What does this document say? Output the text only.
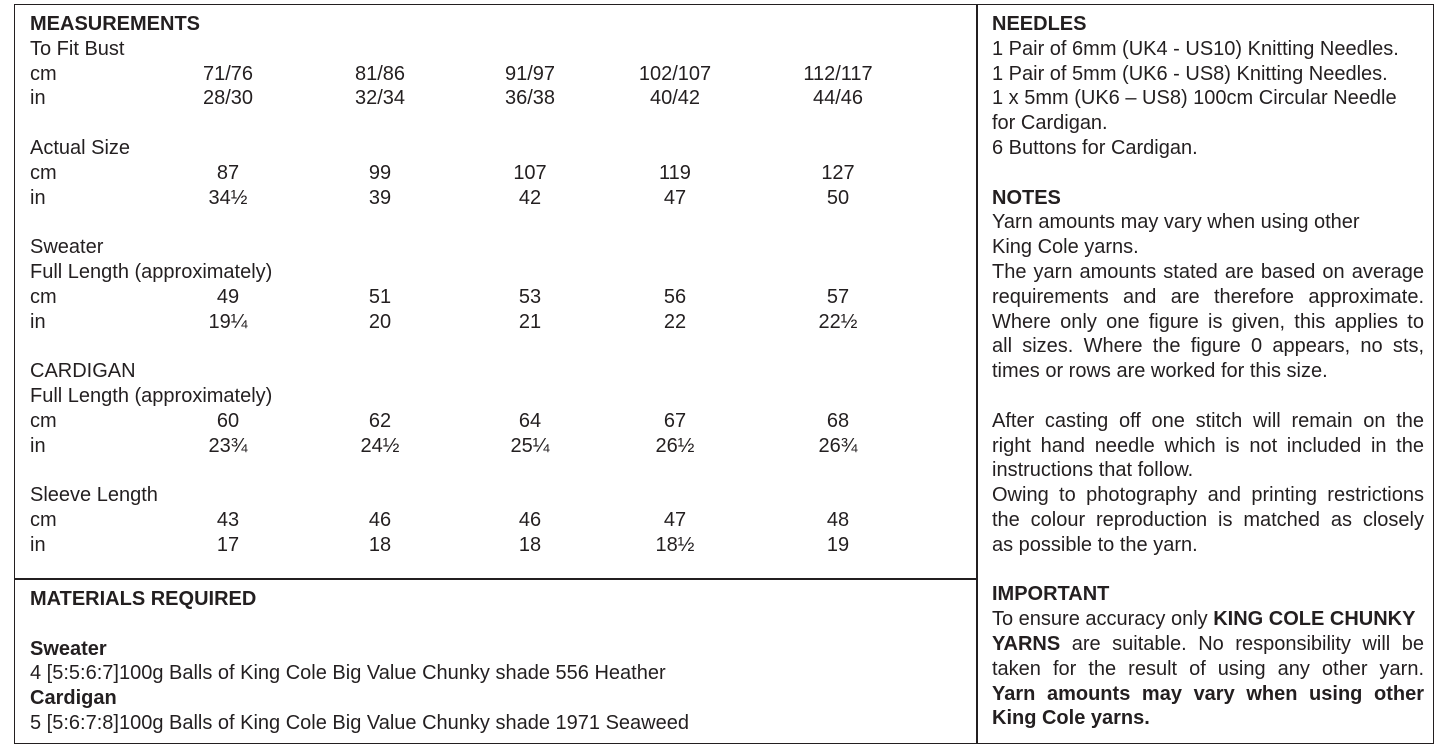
MEASUREMENTS
To Fit Bust
cm	71/76	81/86	91/97	102/107	112/117
in	28/30	32/34	36/38	40/42	44/46
Actual Size
cm	87	99	107	119	127
in	34½	39	42	47	50
Sweater
Full Length (approximately)
cm	49	51	53	56	57
in	19¼	20	21	22	22½
CARDIGAN
Full Length (approximately)
cm	60	62	64	67	68
in	23¾	24½	25¼	26½	26¾
Sleeve Length
cm	43	46	46	47	48
in	17	18	18	18½	19
MATERIALS REQUIRED
Sweater
4 [5:5:6:7]100g Balls of King Cole Big Value Chunky shade 556 Heather
Cardigan
5 [5:6:7:8]100g Balls of King Cole Big Value Chunky shade 1971 Seaweed
NEEDLES
1 Pair of 6mm (UK4 - US10) Knitting Needles.
1 Pair of 5mm (UK6 - US8) Knitting Needles.
1 x 5mm (UK6 – US8) 100cm Circular Needle
for Cardigan.
6 Buttons for Cardigan.
NOTES
Yarn amounts may vary when using other
King Cole yarns.
The yarn amounts stated are based on average
requirements and are therefore approximate.
Where only one figure is given, this applies to
all sizes. Where the figure 0 appears, no sts,
times or rows are worked for this size.
After casting off one stitch will remain on the
right hand needle which is not included in the
instructions that follow.
Owing to photography and printing restrictions
the colour reproduction is matched as closely
as possible to the yarn.
IMPORTANT
To ensure accuracy only KING COLE CHUNKY
YARNS are suitable. No responsibility will be
taken for the result of using any other yarn.
Yarn amounts may vary when using other
King Cole yarns.
